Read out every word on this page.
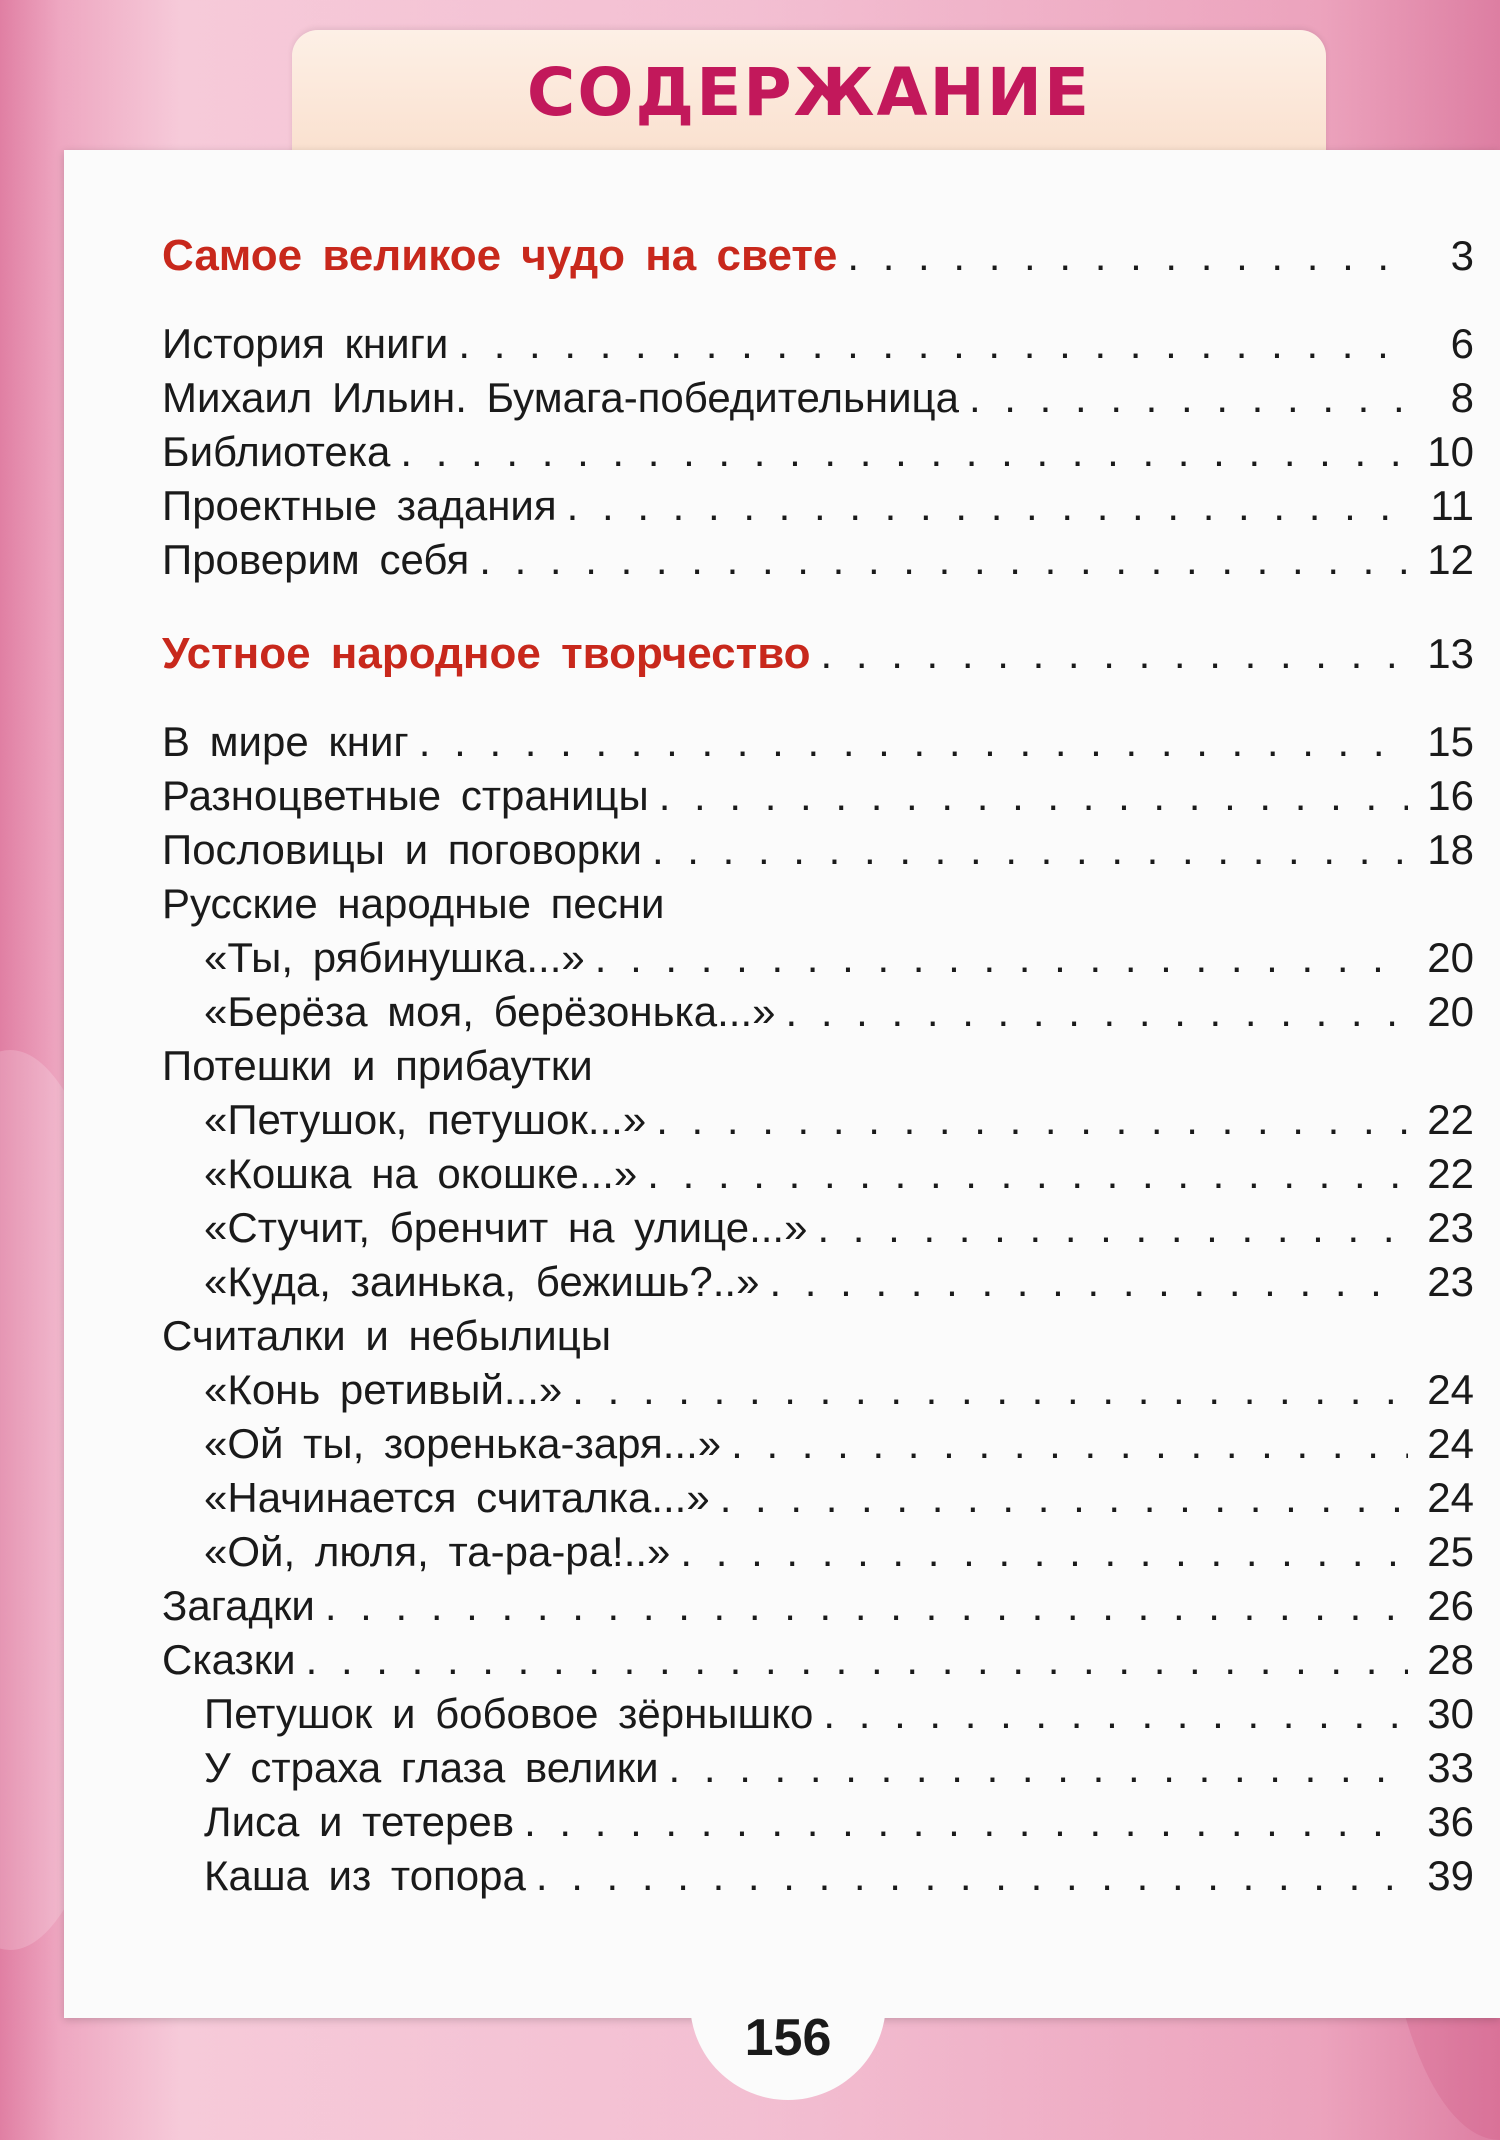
СОДЕРЖАНИЕ
Самое великое чудо на свете . . .	3
История книги . . .	6
Михаил Ильин. Бумага-победительница . . .	8
Библиотека . . .	10
Проектные задания . . .	11
Проверим себя . . .	12
Устное народное творчество . . .	13
В мире книг . . .	15
Разноцветные страницы . . .	16
Пословицы и поговорки . . .	18
Русские народные песни
«Ты, рябинушка...» . . .	20
«Берёза моя, берёзонька...» . . .	20
Потешки и прибаутки
«Петушок, петушок...» . . .	22
«Кошка на окошке...» . . .	22
«Стучит, бренчит на улице...» . . .	23
«Куда, заинька, бежишь?..» . . .	23
Считалки и небылицы
«Конь ретивый...» . . .	24
«Ой ты, зоренька-заря...» . . .	24
«Начинается считалка...» . . .	24
«Ой, люля, та-ра-ра!..» . . .	25
Загадки . . .	26
Сказки . . .	28
Петушок и бобовое зёрнышко . . .	30
У страха глаза велики . . .	33
Лиса и тетерев . . .	36
Каша из топора . . .	39
156
